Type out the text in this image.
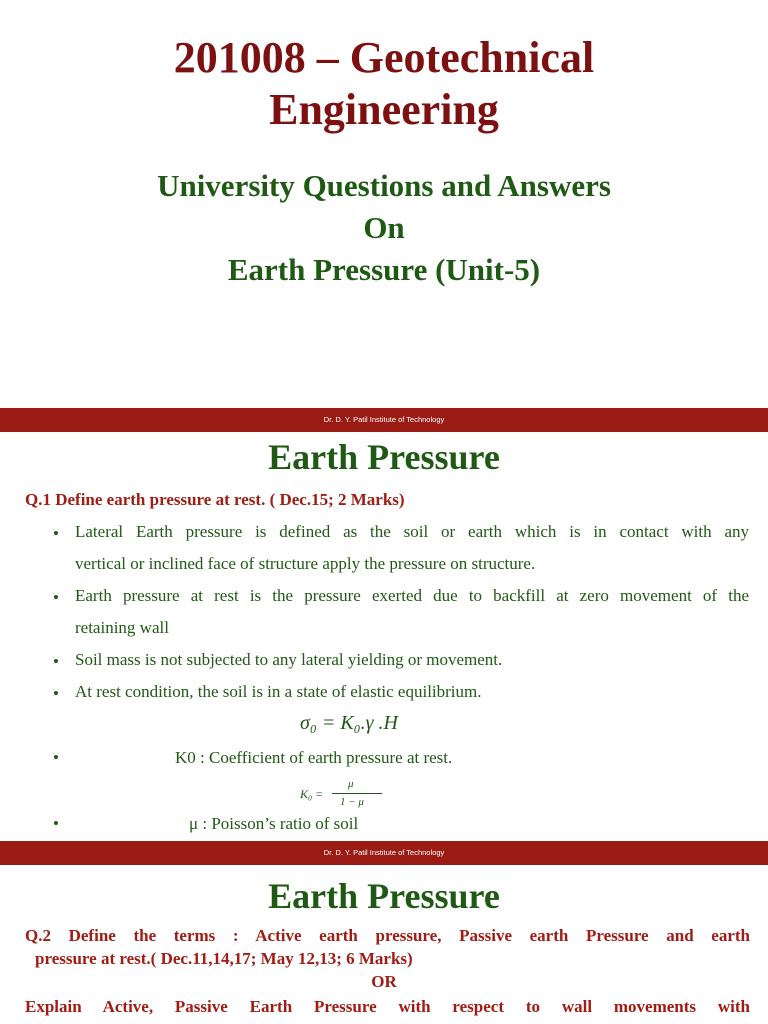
201008 – Geotechnical
Engineering
University Questions and Answers
On
Earth Pressure (Unit-5)
Dr. D. Y. Patil Institute of Technology
Earth Pressure
Q.1 Define earth pressure at rest. ( Dec.15; 2 Marks)
• Lateral Earth pressure is defined as the soil or earth which is in contact with any
vertical or inclined face of structure apply the pressure on structure.
• Earth pressure at rest is the pressure exerted due to backfill at zero movement of the
retaining wall
• Soil mass is not subjected to any lateral yielding or movement.
• At rest condition, the soil is in a state of elastic equilibrium.
σ₀ = K₀.γ .H
•	K0 : Coefficient of earth pressure at rest.
K₀ =
μ
1 − μ
•	μ : Poisson’s ratio of soil
Dr. D. Y. Patil Institute of Technology
Earth Pressure
Q.2 Define the terms : Active earth pressure, Passive earth Pressure and earth
pressure at rest.( Dec.11,14,17; May 12,13; 6 Marks)
OR
Explain Active, Passive Earth Pressure with respect to wall movements with
